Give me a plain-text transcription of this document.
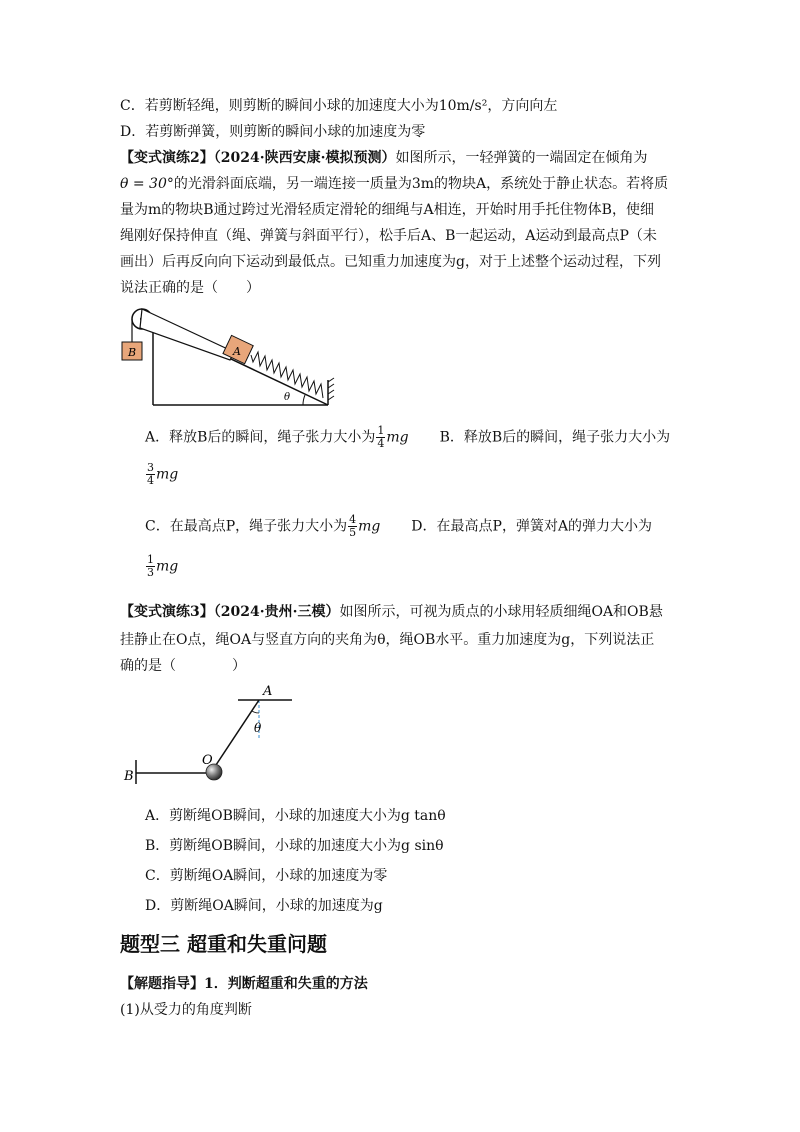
C．若剪断轻绳，则剪断的瞬间小球的加速度大小为10m/s²，方向向左
D．若剪断弹簧，则剪断的瞬间小球的加速度为零
【变式演练2】（2024·陕西安康·模拟预测）如图所示，一轻弹簧的一端固定在倾角为
θ = 30°的光滑斜面底端，另一端连接一质量为3m的物块A，系统处于静止状态。若将质
量为m的物块B通过跨过光滑轻质定滑轮的细绳与A相连，开始时用手托住物体B，使细
绳刚好保持伸直（绳、弹簧与斜面平行），松手后A、B一起运动，A运动到最高点P（未
画出）后再反向向下运动到最低点。已知重力加速度为g，对于上述整个运动过程，下列
说法正确的是（　　）
B	A
θ
A．释放B后的瞬间，绳子张力大小为 $\frac{1}{4}$ mg B．释放B后的瞬间，绳子张力大小为
$\frac{3}{4}$ mg
C．在最高点P，绳子张力大小为 $\frac{4}{5}$ mg D．在最高点P，弹簧对A的弹力大小为
$\frac{1}{3}$ mg
【变式演练3】（2024·贵州·三模）如图所示，可视为质点的小球用轻质细绳OA和OB悬
挂静止在O点，绳OA与竖直方向的夹角为θ，绳OB水平。重力加速度为g，下列说法正
确的是（　　　　）
A
θ
O
B
A．剪断绳OB瞬间，小球的加速度大小为g tanθ
B．剪断绳OB瞬间，小球的加速度大小为g sinθ
C．剪断绳OA瞬间，小球的加速度为零
D．剪断绳OA瞬间，小球的加速度为g
题型三 超重和失重问题
【解题指导】1．判断超重和失重的方法
(1)从受力的角度判断
